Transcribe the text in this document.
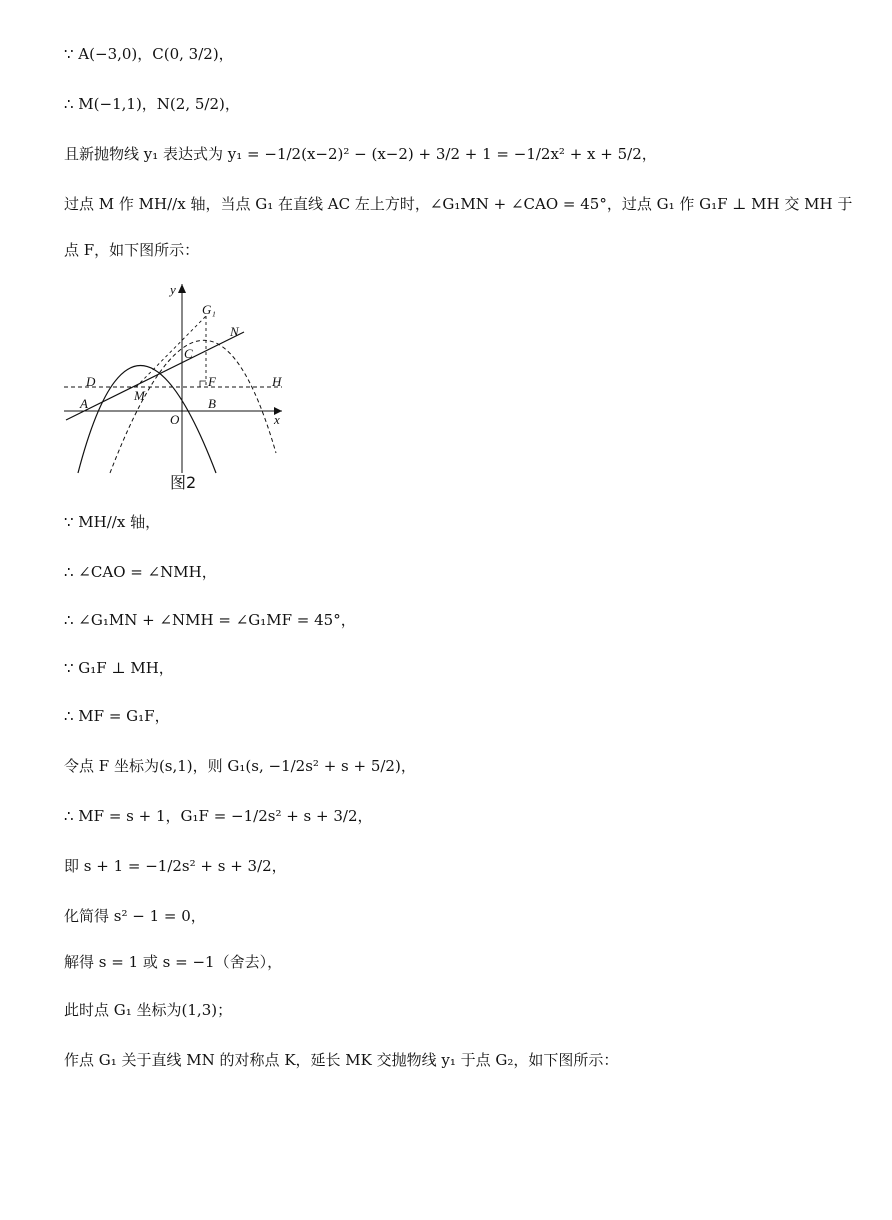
∵ A(−3,0)，C(0, 3/2)，
∴ M(−1,1)，N(2, 5/2)，
且新抛物线 y₁ 表达式为 y₁ = −1/2(x−2)² − (x−2) + 3/2 + 1 = −1/2x² + x + 5/2，
过点 M 作 MH//x 轴，当点 G₁ 在直线 AC 左上方时，∠G₁MN + ∠CAO = 45°，过点 G₁ 作 G₁F ⊥ MH 交 MH 于
点 F，如下图所示：
y
x
G₁
N
C
D	F	H
M
A	B
O
图2
∵ MH//x 轴，
∴ ∠CAO = ∠NMH，
∴ ∠G₁MN + ∠NMH = ∠G₁MF = 45°，
∵ G₁F ⊥ MH，
∴ MF = G₁F，
令点 F 坐标为(s,1)，则 G₁(s, −1/2s² + s + 5/2)，
∴ MF = s + 1，G₁F = −1/2s² + s + 3/2，
即 s + 1 = −1/2s² + s + 3/2，
化简得 s² − 1 = 0，
解得 s = 1 或 s = −1（舍去），
此时点 G₁ 坐标为(1,3)；
作点 G₁ 关于直线 MN 的对称点 K，延长 MK 交抛物线 y₁ 于点 G₂，如下图所示：
